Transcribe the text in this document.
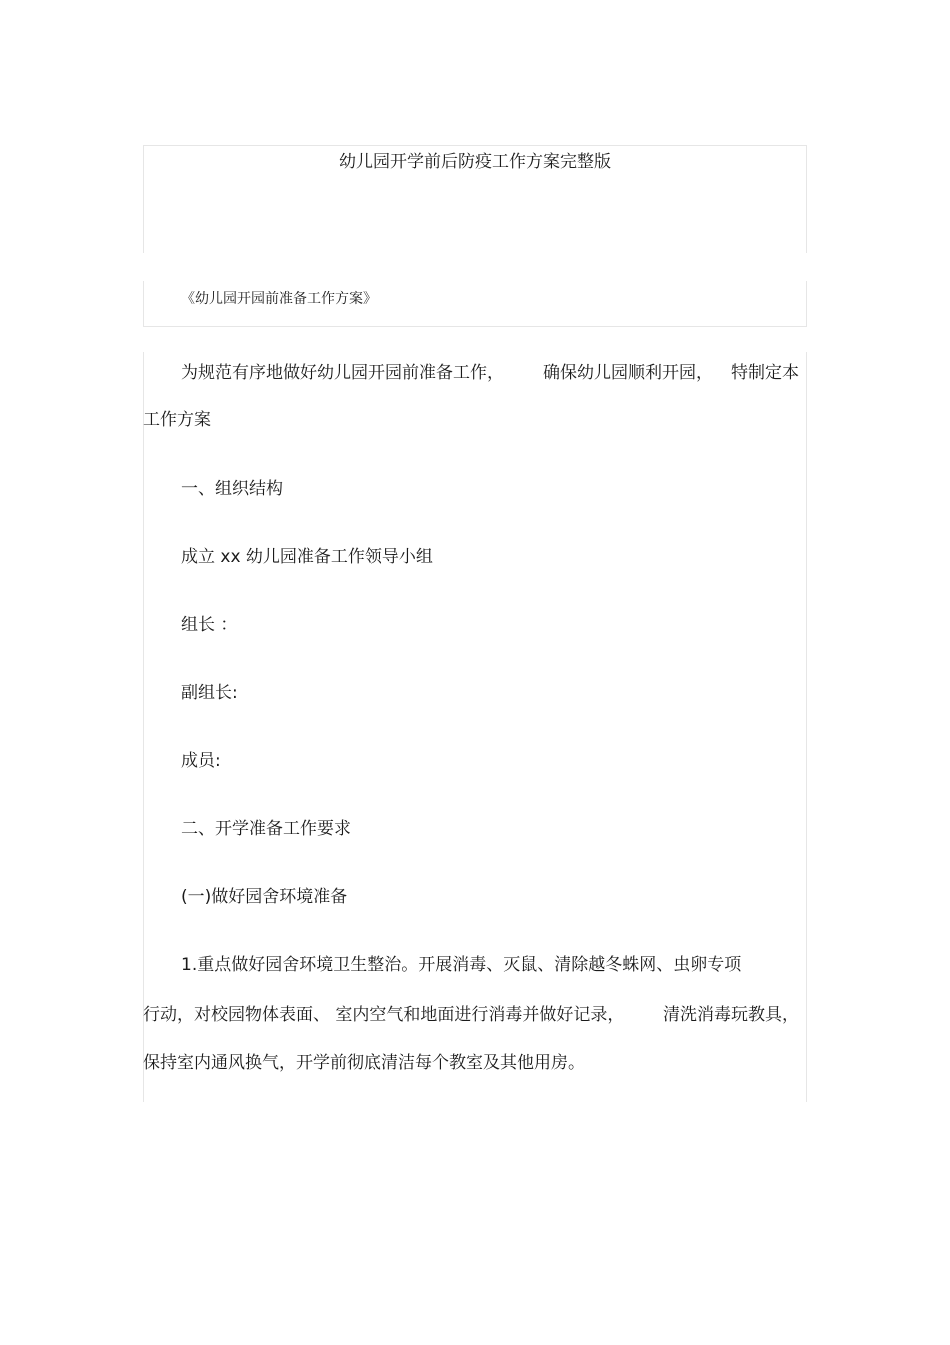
幼儿园开学前后防疫工作方案完整版
《幼儿园开园前准备工作方案》
为规范有序地做好幼儿园开园前准备工作， 确保幼儿园顺利开园， 特制定本
工作方案
一、组织结构
成立 xx 幼儿园准备工作领导小组
组长 ：
副组长:
成员:
二、开学准备工作要求
(一)做好园舍环境准备
1.重点做好园舍环境卫生整治。开展消毒、灭鼠、清除越冬蛛网、虫卵专项
行动，对校园物体表面、 室内空气和地面进行消毒并做好记录， 清洗消毒玩教具，
保持室内通风换气，开学前彻底清洁每个教室及其他用房。
